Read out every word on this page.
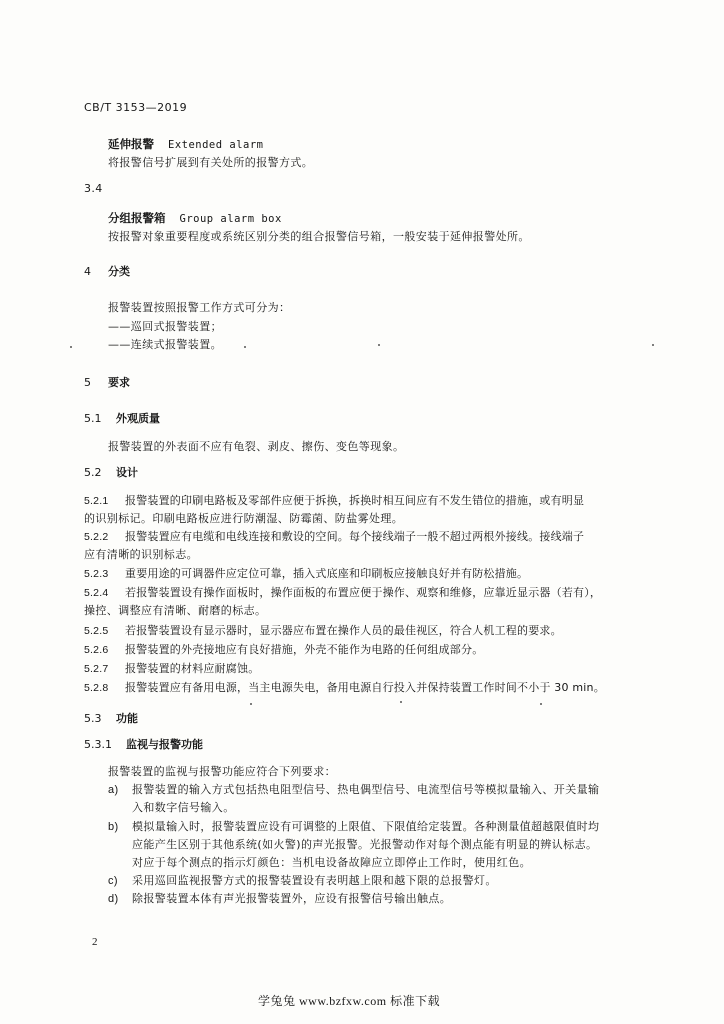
CB/T 3153—2019
延伸报警 Extended alarm
将报警信号扩展到有关处所的报警方式。
3.4
分组报警箱 Group alarm box
按报警对象重要程度或系统区别分类的组合报警信号箱，一般安装于延伸报警处所。
4 分类
报警装置按照报警工作方式可分为：
——巡回式报警装置；
——连续式报警装置。
5 要求
5.1 外观质量
报警装置的外表面不应有龟裂、剥皮、擦伤、变色等现象。
5.2 设计
5.2.1 报警装置的印刷电路板及零部件应便于拆换，拆换时相互间应有不发生错位的措施，或有明显
的识别标记。印刷电路板应进行防潮湿、防霉菌、防盐雾处理。
5.2.2 报警装置应有电缆和电线连接和敷设的空间。每个接线端子一般不超过两根外接线。接线端子
应有清晰的识别标志。
5.2.3 重要用途的可调器件应定位可靠，插入式底座和印刷板应接触良好并有防松措施。
5.2.4 若报警装置设有操作面板时，操作面板的布置应便于操作、观察和维修，应靠近显示器（若有），
操控、调整应有清晰、耐磨的标志。
5.2.5 若报警装置设有显示器时，显示器应布置在操作人员的最佳视区，符合人机工程的要求。
5.2.6 报警装置的外壳接地应有良好措施，外壳不能作为电路的任何组成部分。
5.2.7 报警装置的材料应耐腐蚀。
5.2.8 报警装置应有备用电源，当主电源失电，备用电源自行投入并保持装置工作时间不小于 30 min。
5.3 功能
5.3.1 监视与报警功能
报警装置的监视与报警功能应符合下列要求：
a) 报警装置的输入方式包括热电阻型信号、热电偶型信号、电流型信号等模拟量输入、开关量输
入和数字信号输入。
b) 模拟量输入时，报警装置应设有可调整的上限值、下限值给定装置。各种测量值超越限值时均
应能产生区别于其他系统(如火警)的声光报警。光报警动作对每个测点能有明显的辨认标志。
对应于每个测点的指示灯颜色：当机电设备故障应立即停止工作时，使用红色。
c) 采用巡回监视报警方式的报警装置设有表明越上限和越下限的总报警灯。
d) 除报警装置本体有声光报警装置外，应设有报警信号输出触点。
2
学兔兔 www.bzfxw.com 标准下载
